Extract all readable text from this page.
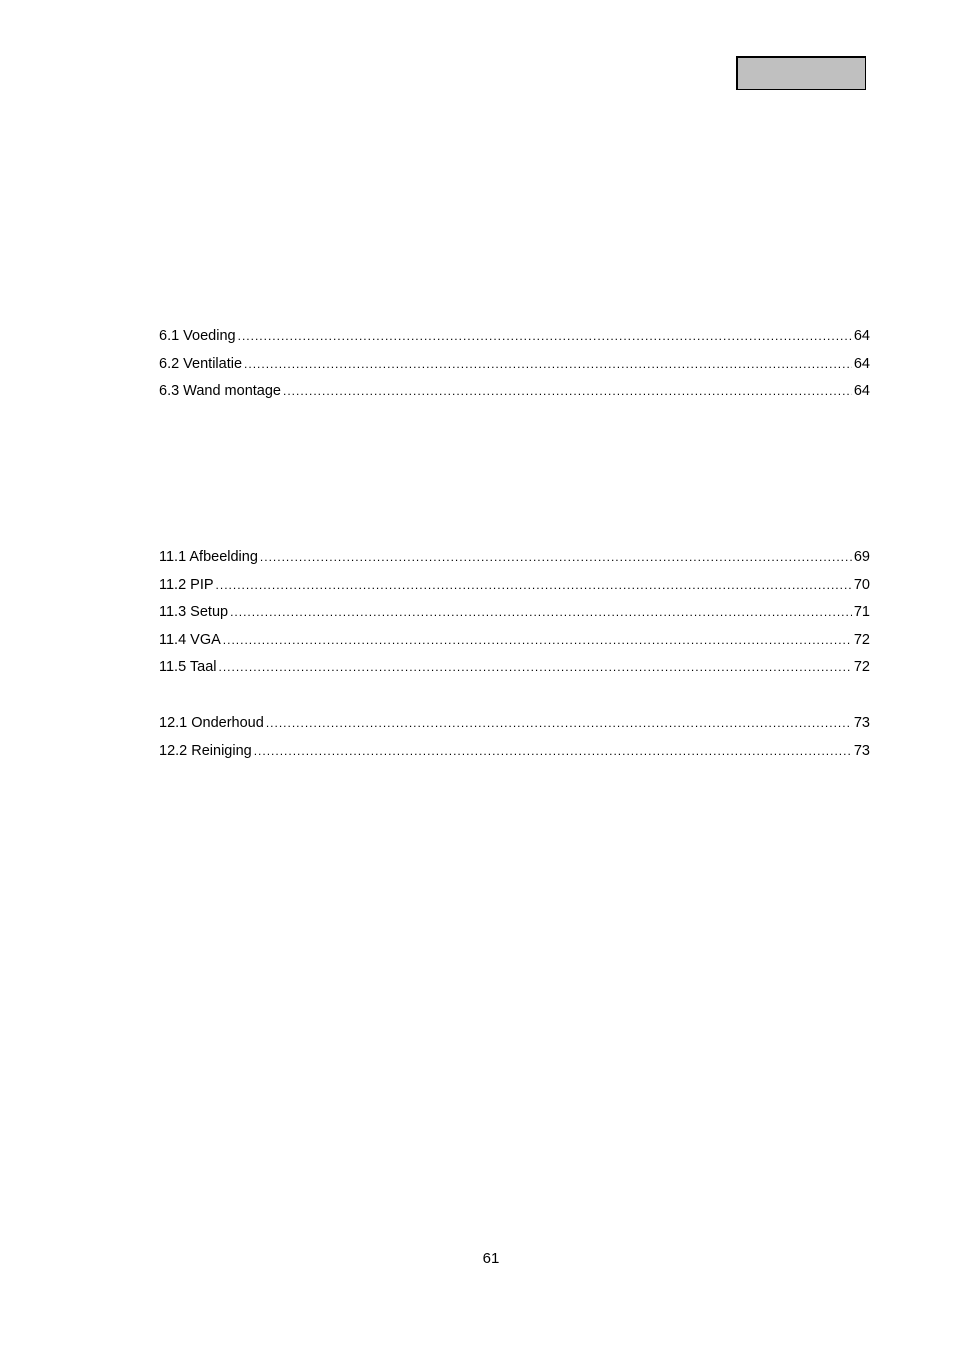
6.1 Voeding .....	64
6.2 Ventilatie .....	64
6.3 Wand montage .....	64
11.1 Afbeelding .....	69
11.2 PIP .....	70
11.3 Setup .....	71
11.4 VGA .....	72
11.5 Taal .....	72
12.1 Onderhoud .....	73
12.2 Reiniging .....	73
61
